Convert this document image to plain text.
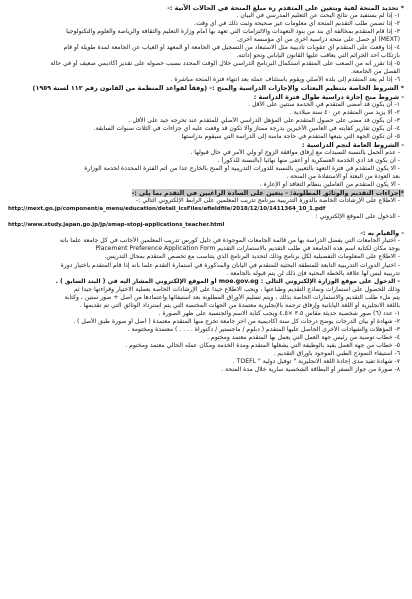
* تحديد المنحة لفية ويتعين على المتقدم ره مبلغ المنحة في الحالات الآتية :-
١- إذا لم يستفيد من نتائج البحث عن التعليم المدرسي في البيان .
٢- إذا تضمن طلب التقديم المنحة أي معلومات غير صحيحة وثبت ذلك في أي وقت.
٣- إذا قام المتقدم بمخالفة أي بند من بنود التعهدات والالتزامات التي تعهد بها أمام وزارة التعليم والثقافة والرياضة والعلوم والتكنولوجيا
(MEXT) أو حصل على منحة دراسية أخرى من أي مؤسسة أخرى.
٤- إذا وقعت على المتقدم أي عقوبات تأديبية مثل الاستبعاد من التسجيل في الجامعة أو المعهد أو الغياب عن الجامعة لمدة طويلة أو قام
بارتكاب أحد الجرائم التي يعاقب عليها القانون الياباني ونحو إدانته.
٥- إذا تقرر أنه من الصعب على المتقدم استكمال البرنامج الدراسي خلال الوقت المحدد بسبب حصوله على تقدير أكاديمي ضعيف أو في حالة
الفصل من الجامعة.
٦- إذا لم يعد المتقدم إلى بلده الأصلي ويقوم باستئناف عمله بعد انتهاء فترة المنحة مباشرة .
* الشروط الخاصة بتنظيم البعثات والإجازات الدراسية والمنح :- (وفقاً لقواعد المنظمة من القانون رقم ١١٢ لسنة ١٩٥٩)
- شروط منح إجازة دراسية طوال فترة الدراسة :
١- أن يكون قد أمضى المتقدم في الخدمة سنتين على الأقل .
٢- ألا يزيد سن المتقدم عن ٤٠ سنة ميلادية .
٣- أن يكون قد مضى على حصول المتقدم على المؤهل الدراسي الأصلي للمتقدم عند تخرجه جيد على الأقل .
٤- أن يكون تقارير كفايته في العامين الأخيرين بدرجة ممتاز وألا تكون قد وقعت عليه أي جزاءات في الثلاث سنوات السابقة.
٥- أن تكون الجهة التي يتبعها المتقدم في حاجة ماسة إلى الدراسة التي سيقوم بدراستها
- الشروط العامة لنجم الدراسية :
- عدم الحمل بالنسبة للسيدات مع إرفاق موافقة الزوج أو ولي الأمر في حال قبولها .
- أن يكون قد أدى الخدمة العسكرية أو أعفى منها نهائياً (بالنسبة للذكور) .
- ألا يكون المتقدم في فترة التعهد بالتعيين بالنسبة للدورات التدريبية أو المنح بالخارج عدا من أتم الفترة المحددة لخدمة الوزارة
بعد العودة من البعثة أو الاستفادة من المنحة .
- ألا يكون المتقدم من العاملين بنظام التعاقد أو الإعارة .
*إجراءات التقديم والوثائق المطلوبة: - يتعين على السادة الراغبين في التقدم بما يلي :-
- الاطلاع على الإرشادات الخاصة بالدورة التدريبية ببرنامج تدريب المعلمين على الرابط الإلكتروني التالي :-
http://mext.go.jp/component/a_menu/education/detail_icsFiles/afieldfile/2018/12/10/1411364_10_1.pdf
- الدخول على الموقع الإلكتروني :
http://www.study.japan.go.jp/jp/smap-stopj-applications_teacher.html
- والقيام به :-
- اختيار الجامعات التي يفضل الدراسة بها من قائمة الجامعات الموجودة في دليل كورس تدريب المعلمين الأجانب في كل جامعة علماً بأنه
يوجد مكان لكتابة اسم هذه الجامعة في طلب التقديم بالاستمارات التقديم Placement Preference Application Form
- الاطلاع على المعلومات التفصيلية لكل برنامج وذلك لتحديد البرنامج الذي يتناسب مع تخصص المتقدم بمجال التدريس.
- اختيار الدورات التدريبية التابعة للمنطقة البحثية للمتقدم في اليابان والمذكورة في استمارة التقدم علماً بأنه إذا قام المتقدم باختيار دورة
تدريبية ليس لها علاقة بالخطة البحثية فإن ذلك لن يتم قبوله بالجامعة .
- الدخول على موقع الوزارة الإلكتروني التالي : moe.gov.eg أو الموقع الإلكتروني المشار اليه في ( البند السابق ) .
وذلك للحصول على استمارات ونماذج التقديم وطباعتها ، ويجب الاطلاع جيداً على الإرشادات الخاصة بعملية الاختيار وقراءتها جيداً ثم
يتم ملء طلب التقديم والاستمارات الخاصة بذلك ، ويتم تسليم الأوراق المطلوبة بعد استيفائها واعتمادها من أصل + صور ستين ، وكتابة
باللغة الانجليزية أو اللغة اليابانية وإرفاق ترجمة بالإنجليزية معتمدة من الجهات المختصة التي يتم استرداد الوثائق التي تم تقديمها .
١- عدد (٦) صور شخصية حديثة مقاس ٣.٥ ×٤.٥ ويجب كتابة الاسم والجنسية على ظهر الصورة .
٢- شهادة أو بيان الدرجات يوضح درجات كل سنة أكاديمية من آخر جامعة تخرج منها المتقدم معتمدة ( أصل أو صورة طبق الأصل ) .
٣- المؤهلات والشهادات الأخرى الحاصل عليها المتقدم ( دبلوم / ماجستير / دكتوراة . . . . ) معتمدة ومختومة .
٤- خطاب توصية من رئيس جهة العمل التي يعمل بها المتقدم معتمد ومختوم .
٥- خطاب من جهة العمل يفيد بالوظيفة التي يشغلها المتقدم ومدة الخدمة ومكان عمله الحالي معتمد ومختوم .
٦- استيفاء النموذج الطبي الموجود بأوراق التقديم .
٧- شهادة تفيد مدى إجادة اللغة الانجليزية " توفيل دولية " TOEFL .
٨- صورة من جواز السفر أو البطاقة الشخصية سارية خلال مدة المنحة .
